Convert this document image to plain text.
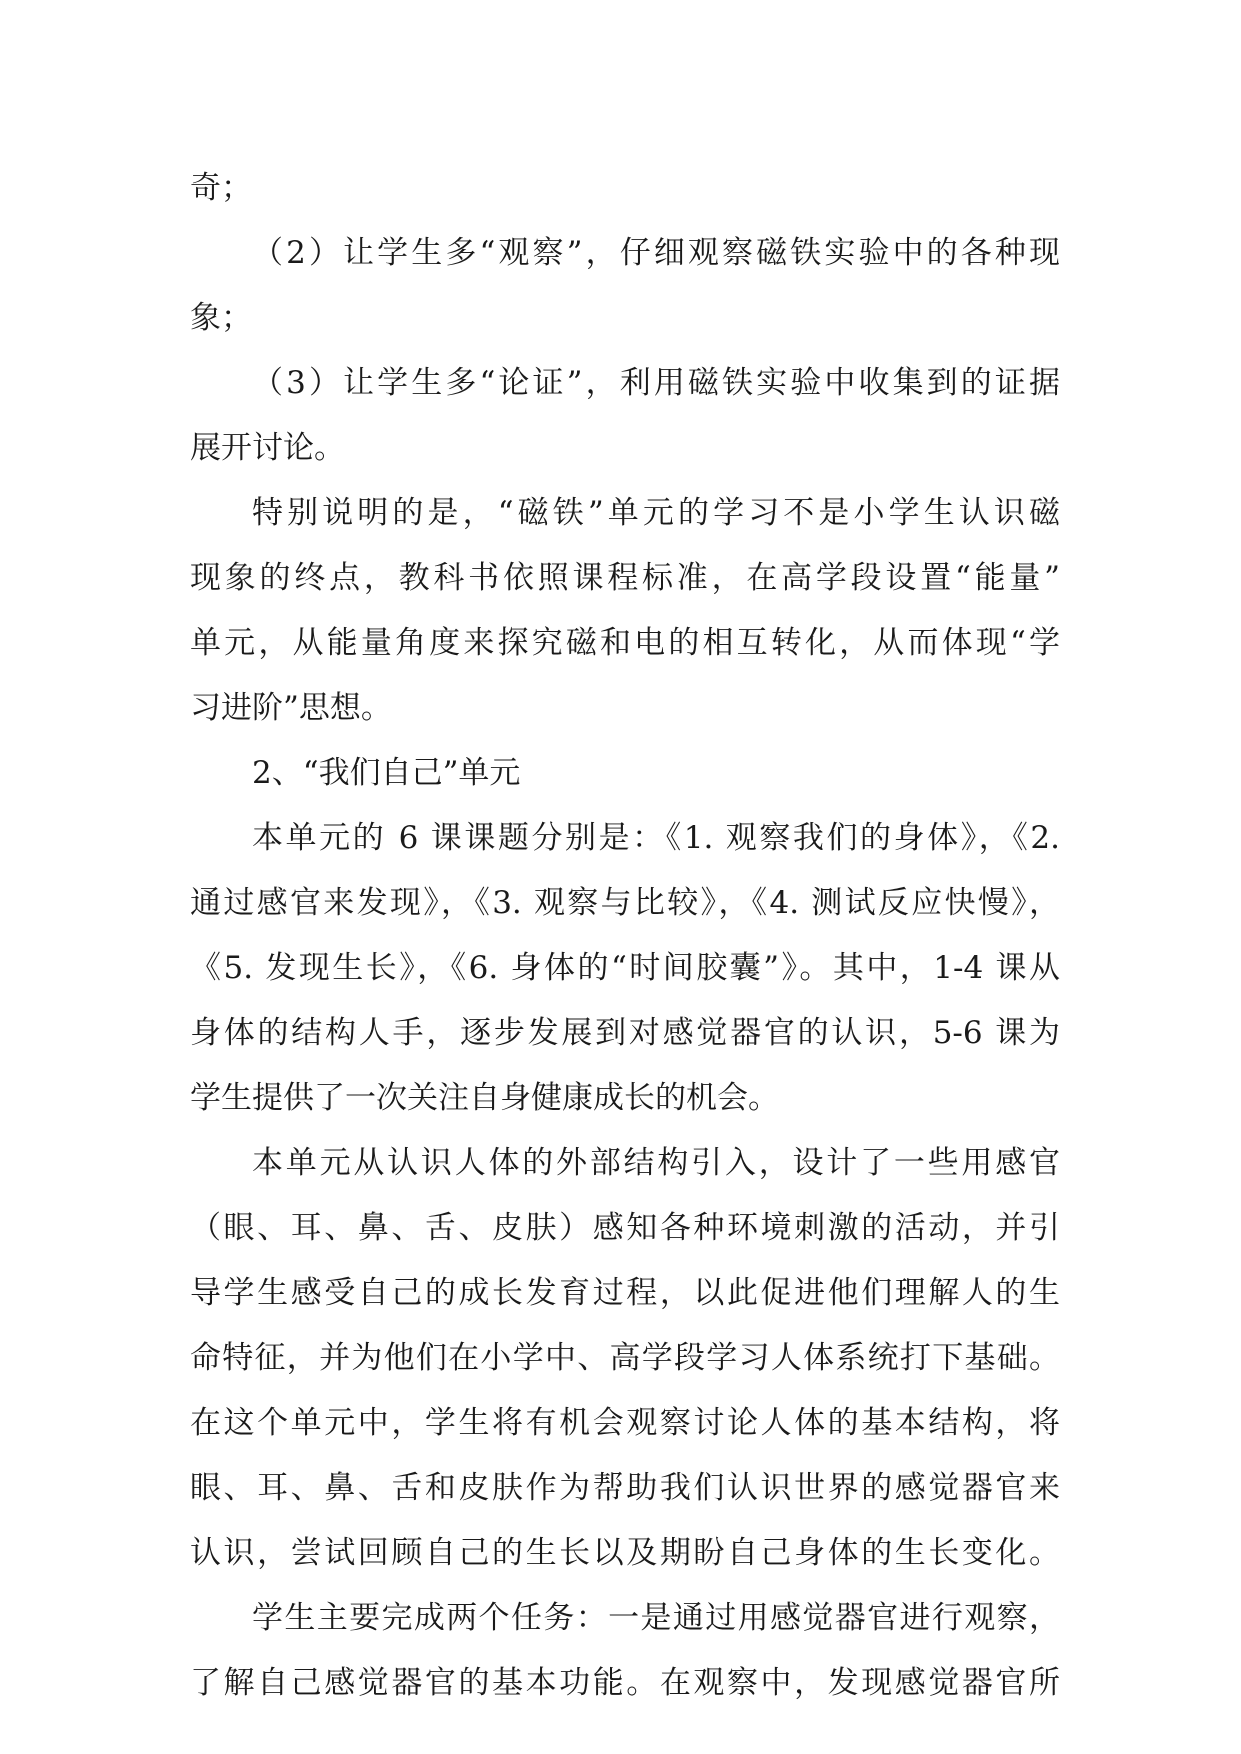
奇；
（2）让学生多“观察”，仔细观察磁铁实验中的各种现
象；
（3）让学生多“论证”，利用磁铁实验中收集到的证据
展开讨论。
特别说明的是，“磁铁”单元的学习不是小学生认识磁
现象的终点，教科书依照课程标准，在高学段设置“能量”
单元，从能量角度来探究磁和电的相互转化，从而体现“学
习进阶”思想。
2、“我们自己”单元
本单元的 6 课课题分别是：《1. 观察我们的身体》，《2.
通过感官来发现》，《3. 观察与比较》，《4. 测试反应快慢》，
《5. 发现生长》，《6. 身体的“时间胶囊”》。其中，1-4 课从
身体的结构人手，逐步发展到对感觉器官的认识，5-6 课为
学生提供了一次关注自身健康成长的机会。
本单元从认识人体的外部结构引入，设计了一些用感官
（眼、耳、鼻、舌、皮肤）感知各种环境刺激的活动，并引
导学生感受自己的成长发育过程，以此促进他们理解人的生
命特征，并为他们在小学中、高学段学习人体系统打下基础。
在这个单元中，学生将有机会观察讨论人体的基本结构，将
眼、耳、鼻、舌和皮肤作为帮助我们认识世界的感觉器官来
认识，尝试回顾自己的生长以及期盼自己身体的生长变化。
学生主要完成两个任务：一是通过用感觉器官进行观察，
了解自己感觉器官的基本功能。在观察中，发现感觉器官所
